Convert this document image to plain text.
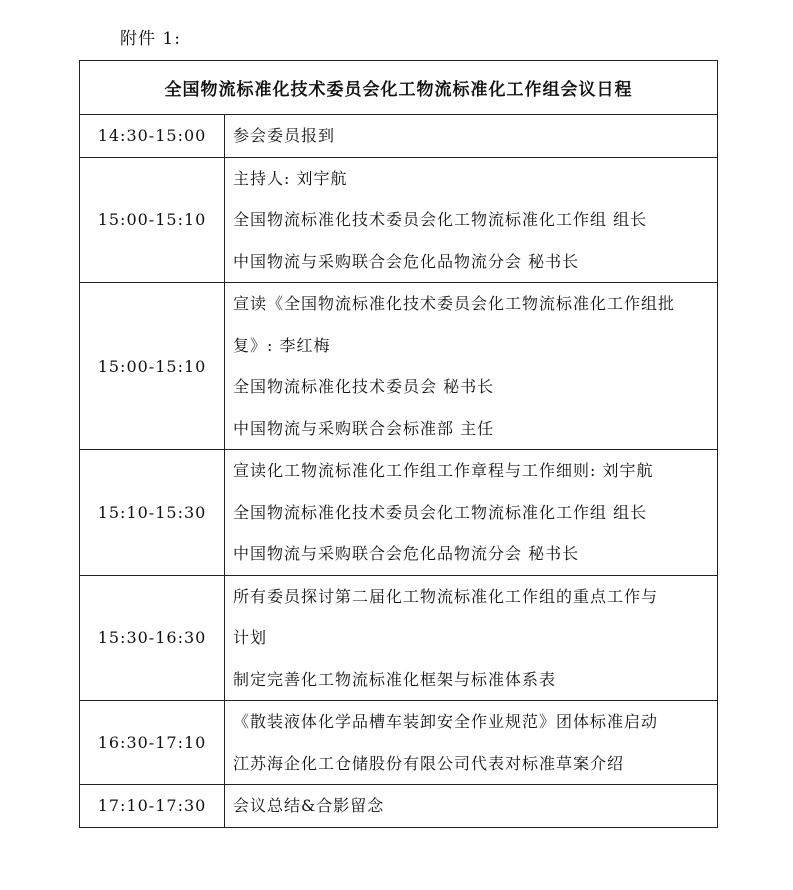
附件 1:
全国物流标准化技术委员会化工物流标准化工作组会议日程	
14:30-15:00	参会委员报到

15:00-15:10	主持人: 刘宇航
全国物流标准化技术委员会化工物流标准化工作组 组长
中国物流与采购联合会危化品物流分会 秘书长

15:00-15:10	宣读《全国物流标准化技术委员会化工物流标准化工作组批
复》: 李红梅
全国物流标准化技术委员会 秘书长
中国物流与采购联合会标准部 主任

15:10-15:30	宣读化工物流标准化工作组工作章程与工作细则: 刘宇航
全国物流标准化技术委员会化工物流标准化工作组 组长
中国物流与采购联合会危化品物流分会 秘书长

15:30-16:30	所有委员探讨第二届化工物流标准化工作组的重点工作与
计划
制定完善化工物流标准化框架与标准体系表

16:30-17:10	《散装液体化学品槽车装卸安全作业规范》团体标准启动
江苏海企化工仓储股份有限公司代表对标准草案介绍

17:10-17:30	会议总结&合影留念
